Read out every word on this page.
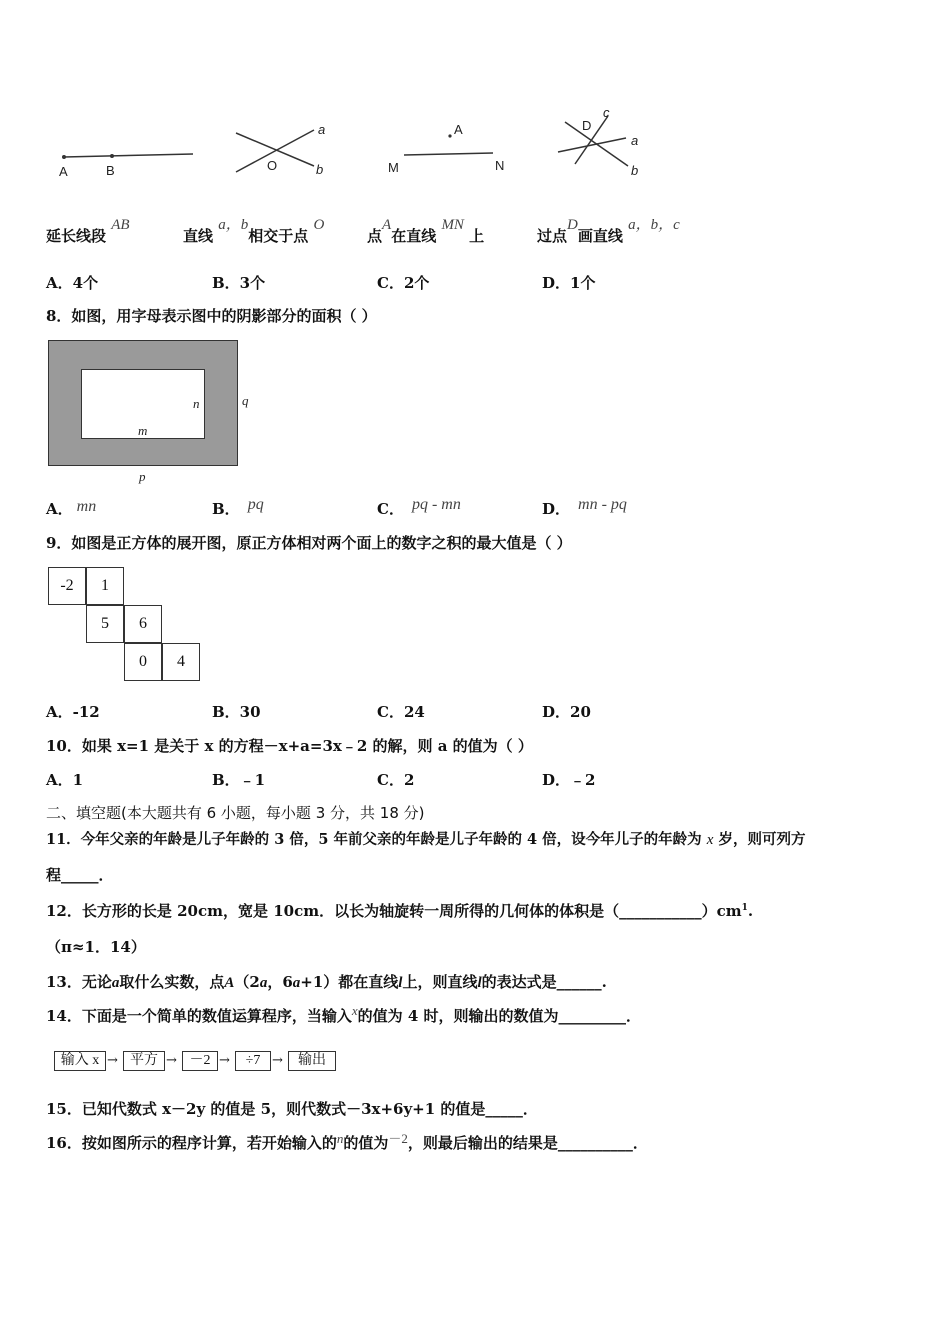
A	B
a
O	b
A
M	N
D
c
a
b
延长线段 AB
直线 a，b相交于点 O
点A在直线 MN 上	过点D画直线 a，b，c
A．4个	B．3个	C．2个	D．1个
8．如图，用字母表示图中的阴影部分的面积（ ）
n	q
m
p
A． mn	B． pq	C． pq - mn	D． mn - pq
9．如图是正方体的展开图，原正方体相对两个面上的数字之积的最大值是（ ）
-2	1
5	6
0	4
A．-12	B．30	C．24	D．20
10．如果 x=1 是关于 x 的方程－x+a=3x﹣2 的解，则 a 的值为（ ）
A．1	B．﹣1	C．2	D．﹣2
二、填空题(本大题共有 6 小题，每小题 3 分，共 18 分)
11．今年父亲的年龄是儿子年龄的 3 倍，5 年前父亲的年龄是儿子年龄的 4 倍，设今年儿子的年龄为 x 岁，则可列方
程_____．
12．长方形的长是 20cm，宽是 10cm．以长为轴旋转一周所得的几何体的体积是$(\_\_\_\_\_\_\_\_\_\_\_)cm^1$.
（π≈1．14）
13．无论a取什么实数，点A（2a，6a+1）都在直线l上，则直线l的表达式是______.
14．下面是一个简单的数值运算程序，当输入x的值为 4 时，则输出的数值为_________．
输入 x → 平方 → －2 →	÷7 →	输出
15．已知代数式 x－2y 的值是 5，则代数式－3x+6y+1 的值是_____．
16．按如图所示的程序计算，若开始输入的n的值为－2，则最后输出的结果是__________．
